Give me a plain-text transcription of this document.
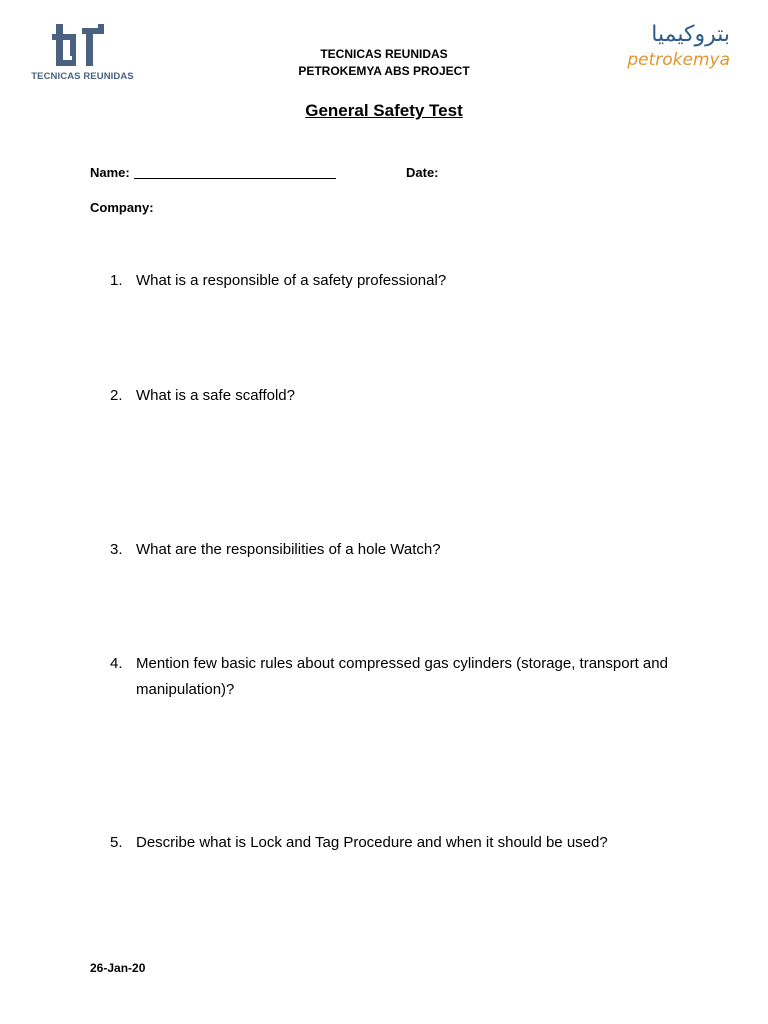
TECNICAS REUNIDAS
بتروكيميا
petrokemya
TECNICAS REUNIDAS
PETROKEMYA ABS PROJECT
General Safety Test
Name:	Date:
Company:
1. What is a responsible of a safety professional?
2. What is a safe scaffold?
3. What are the responsibilities of a hole Watch?
4. Mention few basic rules about compressed gas cylinders (storage, transport and manipulation)?
5. Describe what is Lock and Tag Procedure and when it should be used?
26-Jan-20
